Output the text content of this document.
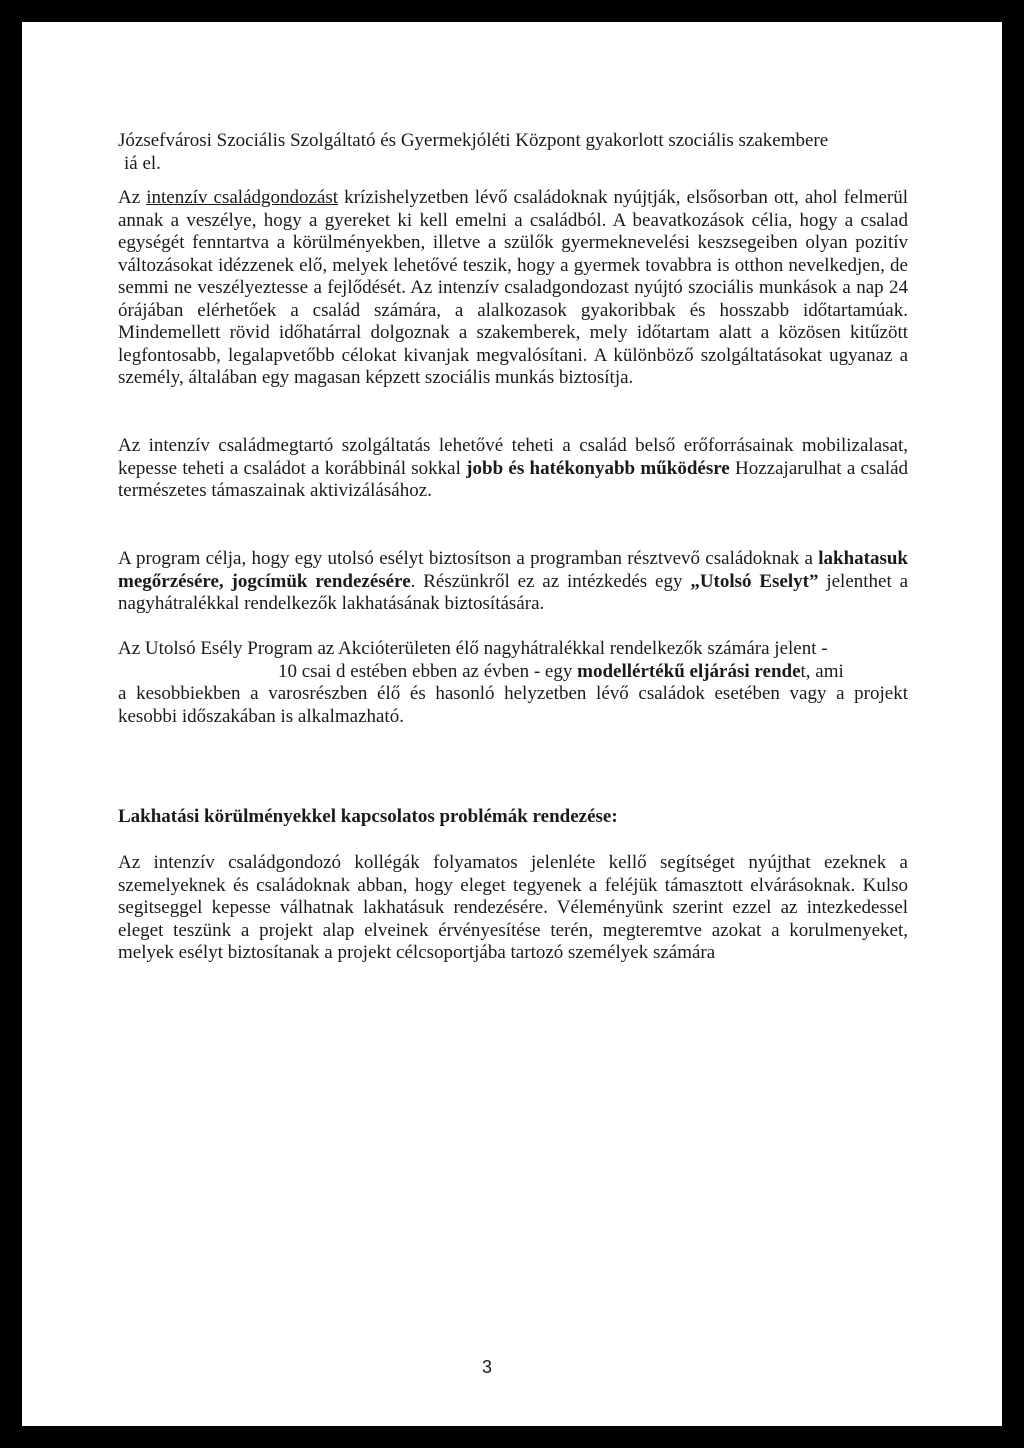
Józsefvárosi Szociális Szolgáltató és Gyermekjóléti Központ gyakorlott szociális szakembere

iá el.

Az intenzív családgondozást krízishelyzetben lévő családoknak nyújtják, elsősorban ott, ahol felmerül annak a veszélye, hogy a gyereket ki kell emelni a családból. A beavatkozások célia, hogy a csalad egységét fenntartva a körülményekben, illetve a szülők gyermeknevelési keszsegeiben olyan pozitív változásokat idézzenek elő, melyek lehetővé teszik, hogy a gyermek tovabbra is otthon nevelkedjen, de semmi ne veszélyeztesse a fejlődését. Az intenzív csaladgondozast nyújtó szociális munkások a nap 24 órájában elérhetőek a család számára, a alalkozasok gyakoribbak és hosszabb időtartamúak. Mindemellett rövid időhatárral dolgoznak a szakemberek, mely időtartam alatt a közösen kitűzött legfontosabb, legalapvetőbb célokat kivanjak megvalósítani. A különböző szolgáltatásokat ugyanaz a személy, általában egy magasan képzett szociális munkás biztosítja.

Az intenzív családmegtartó szolgáltatás lehetővé teheti a család belső erőforrásainak mobilizalasat, kepesse teheti a családot a korábbinál sokkal jobb és hatékonyabb működésre Hozzajarulhat a család természetes támaszainak aktivizálásához.

A program célja, hogy egy utolsó esélyt biztosítson a programban résztvevő családoknak a lakhatasuk megőrzésére, jogcímük rendezésére. Részünkről ez az intézkedés egy „Utolsó Eselyt” jelenthet a nagyhátralékkal rendelkezők lakhatásának biztosítására.

Az Utolsó Esély Program az Akcióterületen élő nagyhátralékkal rendelkezők számára jelent -

10 csai d estében ebben az évben - egy modellértékű eljárási rendet, ami

a kesobbiekben a varosrészben élő és hasonló helyzetben lévő családok esetében vagy a projekt kesobbi időszakában is alkalmazható.

Lakhatási körülményekkel kapcsolatos problémák rendezése:

Az intenzív családgondozó kollégák folyamatos jelenléte kellő segítséget nyújthat ezeknek a szemelyeknek és családoknak abban, hogy eleget tegyenek a feléjük támasztott elvárásoknak. Kulso segitseggel kepesse válhatnak lakhatásuk rendezésére. Véleményünk szerint ezzel az intezkedessel eleget teszünk a projekt alap elveinek érvényesítése terén, megteremtve azokat a korulmenyeket, melyek esélyt biztosítanak a projekt célcsoportjába tartozó személyek számára

3
